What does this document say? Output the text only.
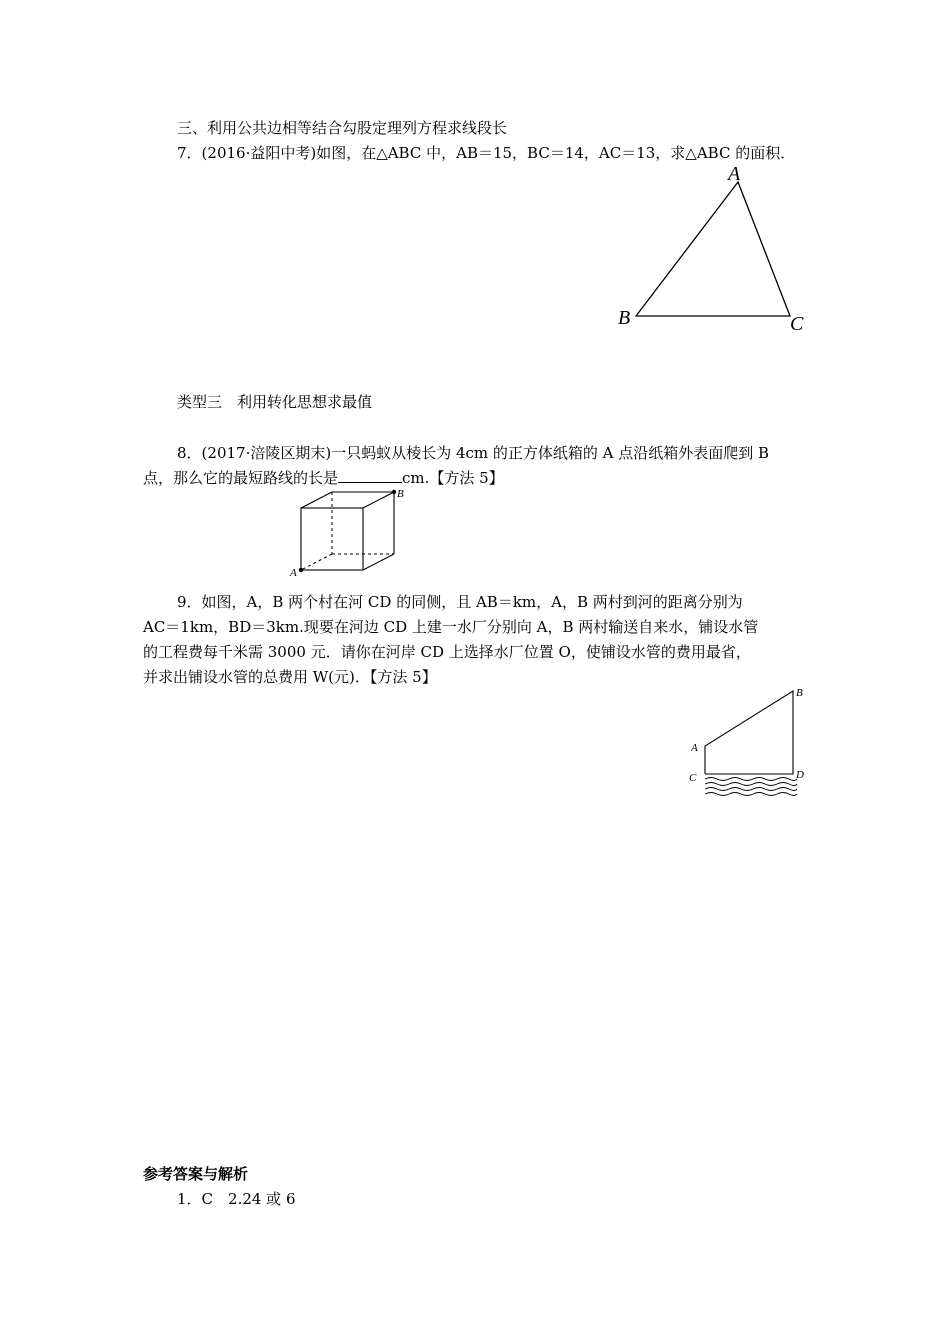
三、利用公共边相等结合勾股定理列方程求线段长
7．(2016·益阳中考)如图，在△ABC 中，AB＝15，BC＝14，AC＝13，求△ABC 的面积．
A
B	C
类型三　利用转化思想求最值
8．(2017·涪陵区期末)一只蚂蚁从棱长为 4cm 的正方体纸箱的 A 点沿纸箱外表面爬到 B
点，那么它的最短路线的长是	cm.【方法 5】
A
B
9．如图，A，B 两个村在河 CD 的同侧，且 AB＝km，A，B 两村到河的距离分别为
AC＝1km，BD＝3km.现要在河边 CD 上建一水厂分别向 A，B 两村输送自来水，铺设水管
的工程费每千米需 3000 元．请你在河岸 CD 上选择水厂位置 O，使铺设水管的费用最省，
并求出铺设水管的总费用 W(元)．【方法 5】
A
B
C	D
参考答案与解析
1．C　2.24 或 6
